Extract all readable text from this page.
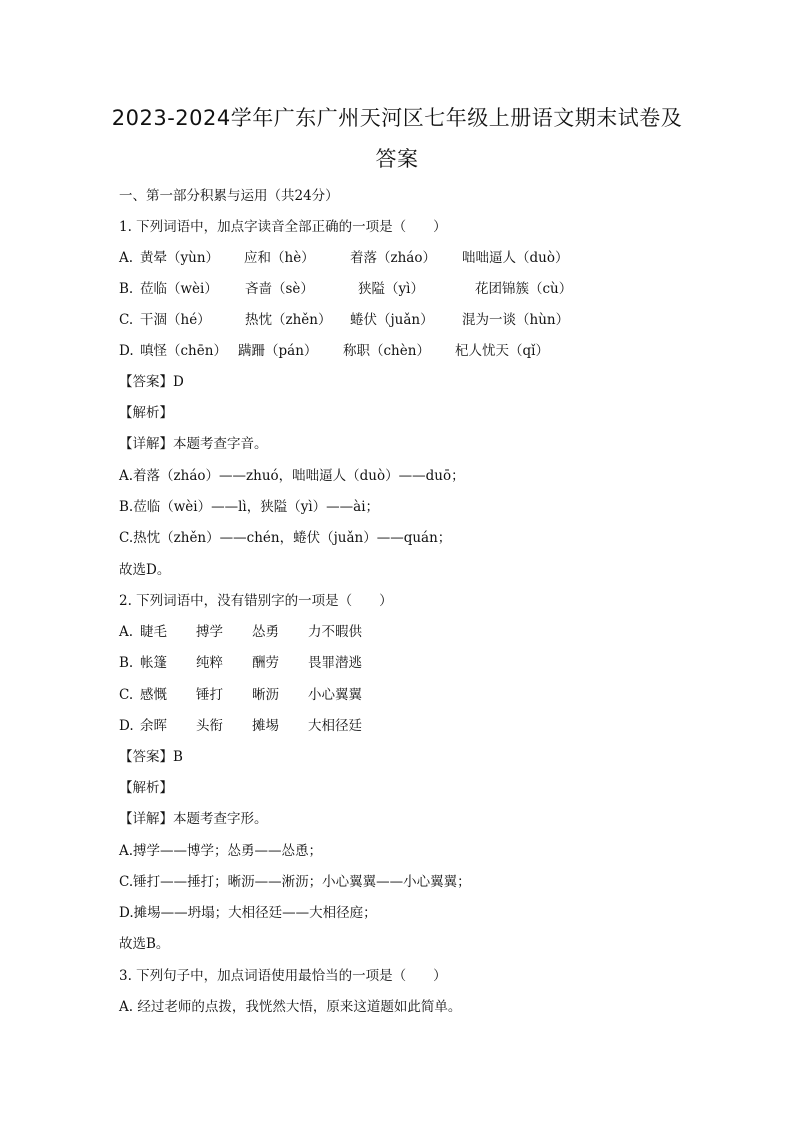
2023-2024学年广东广州天河区七年级上册语文期末试卷及
答案
一、第一部分积累与运用（共24分）
1. 下列词语中，加点字读音全部正确的一项是（　　）
A. 黄晕（yùn） 应和（hè）	着落（zháo） 咄咄逼人（duò）
B. 莅临（wèi） 吝啬（sè）	狭隘（yì）	花团锦簇（cù）
C. 干涸（hé）	热忱（zhěn） 蜷伏（juǎn） 混为一谈（hùn）
D. 嗔怪（chēn） 蹒跚（pán） 称职（chèn） 杞人忧天（qǐ）
【答案】D
【解析】
【详解】本题考查字音。
A.着落（zháo）——zhuó，咄咄逼人（duò）——duō；
B.莅临（wèi）——lì，狭隘（yì）——ài；
C.热忱（zhěn）——chén，蜷伏（juǎn）——quán；
故选D。
2. 下列词语中，没有错别字的一项是（　　）
A. 睫毛 搏学 怂勇 力不暇供
B. 帐篷 纯粹 酬劳 畏罪潜逃
C. 感慨 锤打 晰沥 小心翼翼
D. 余晖 头衔 摊埸 大相径廷
【答案】B
【解析】
【详解】本题考查字形。
A.搏学——博学；怂勇——怂恿；
C.锤打——捶打；晰沥——淅沥；小心翼翼——小心翼翼；
D.摊埸——坍塌；大相径廷——大相径庭；
故选B。
3. 下列句子中，加点词语使用最恰当的一项是（　　）
A. 经过老师的点拨，我恍然大悟，原来这道题如此简单。
